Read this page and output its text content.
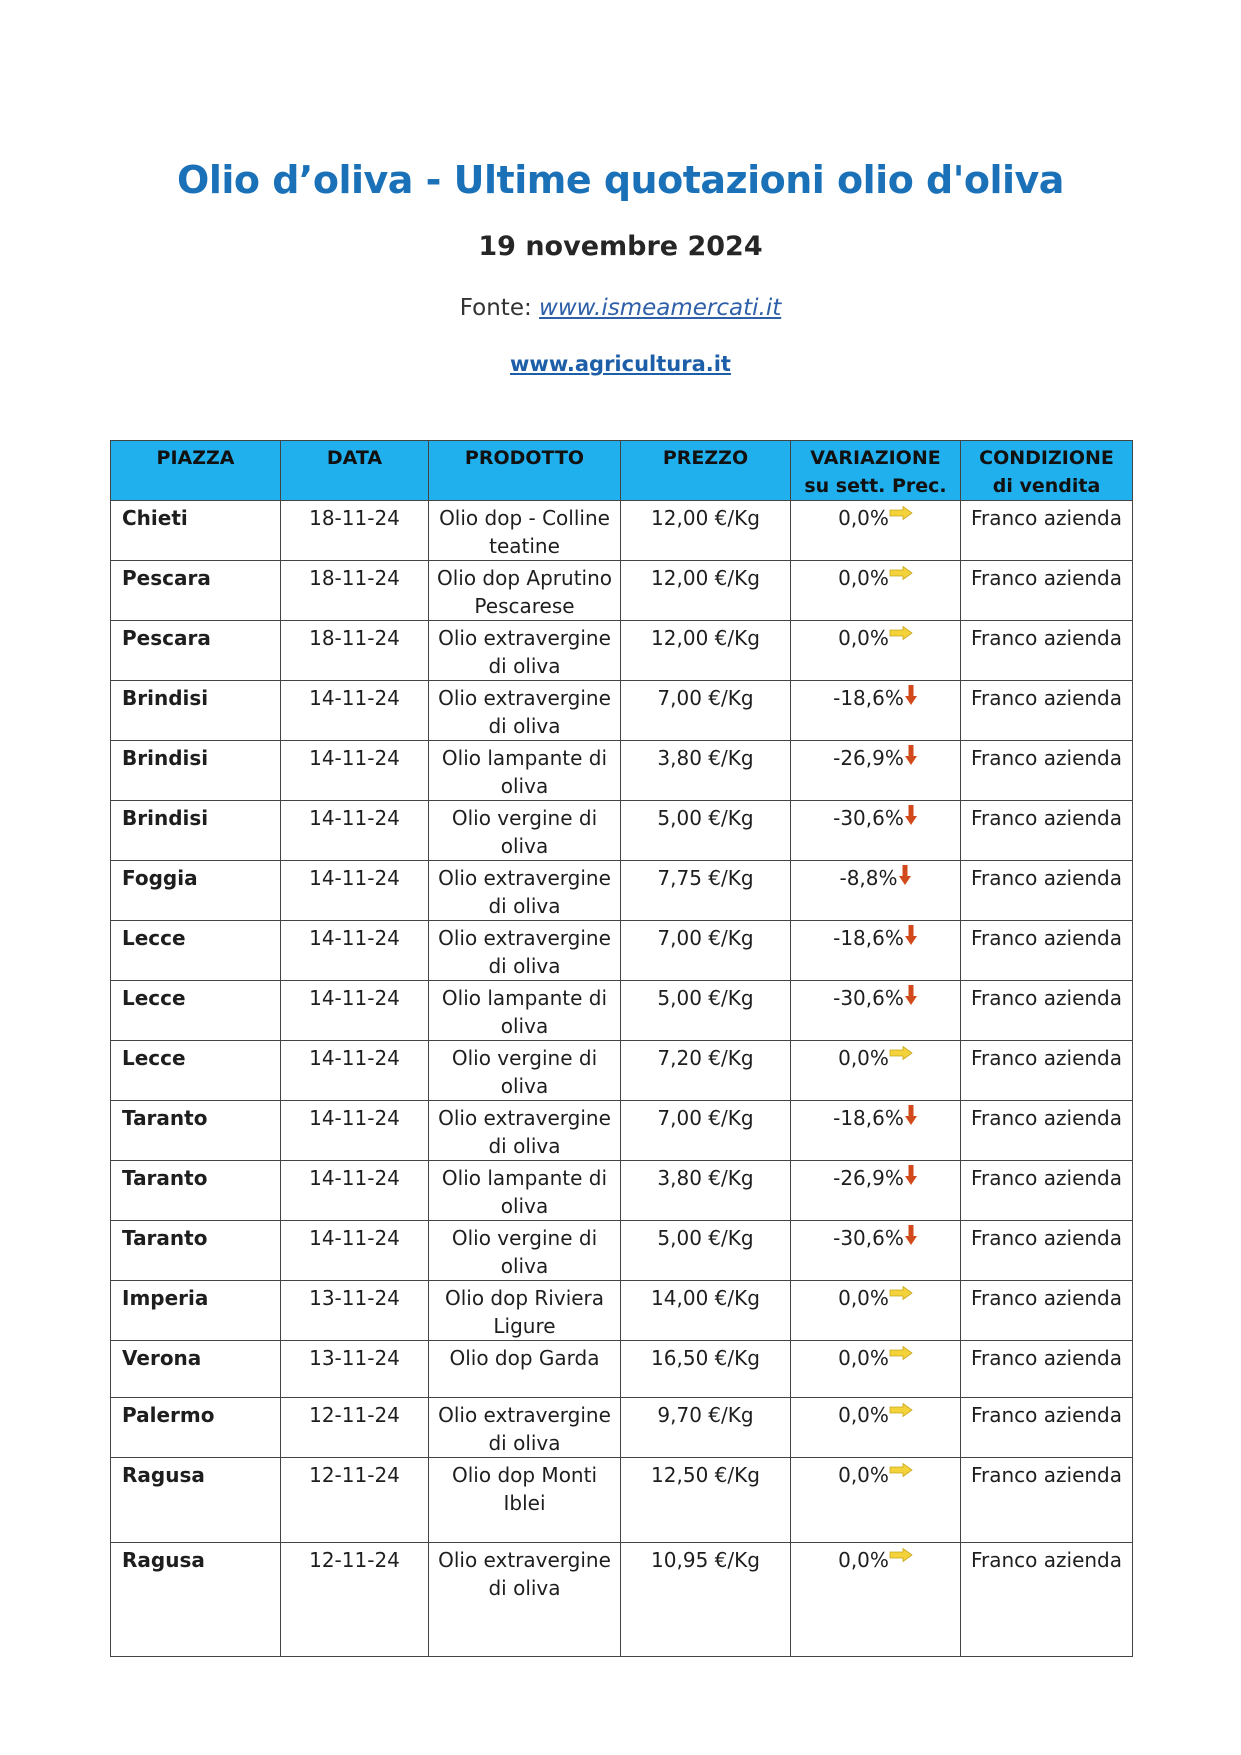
Olio d’oliva - Ultime quotazioni olio d'oliva
19 novembre 2024
Fonte: www.ismeamercati.it
www.agricultura.it
PIAZZA	DATA	PRODOTTO	PREZZO	VARIAZIONE su sett. Prec.	CONDIZIONE di vendita
Chieti	18-11-24	Olio dop - Colline teatine	12,00 €/Kg	0,0%	Franco azienda
Pescara	18-11-24	Olio dop Aprutino Pescarese	12,00 €/Kg	0,0%	Franco azienda
Pescara	18-11-24	Olio extravergine di oliva	12,00 €/Kg	0,0%	Franco azienda
Brindisi	14-11-24	Olio extravergine di oliva	7,00 €/Kg	-18,6%	Franco azienda
Brindisi	14-11-24	Olio lampante di oliva	3,80 €/Kg	-26,9%	Franco azienda
Brindisi	14-11-24	Olio vergine di oliva	5,00 €/Kg	-30,6%	Franco azienda
Foggia	14-11-24	Olio extravergine di oliva	7,75 €/Kg	-8,8%	Franco azienda
Lecce	14-11-24	Olio extravergine di oliva	7,00 €/Kg	-18,6%	Franco azienda
Lecce	14-11-24	Olio lampante di oliva	5,00 €/Kg	-30,6%	Franco azienda
Lecce	14-11-24	Olio vergine di oliva	7,20 €/Kg	0,0%	Franco azienda
Taranto	14-11-24	Olio extravergine di oliva	7,00 €/Kg	-18,6%	Franco azienda
Taranto	14-11-24	Olio lampante di oliva	3,80 €/Kg	-26,9%	Franco azienda
Taranto	14-11-24	Olio vergine di oliva	5,00 €/Kg	-30,6%	Franco azienda
Imperia	13-11-24	Olio dop Riviera Ligure	14,00 €/Kg	0,0%	Franco azienda
Verona	13-11-24	Olio dop Garda	16,50 €/Kg	0,0%	Franco azienda
Palermo	12-11-24	Olio extravergine di oliva	9,70 €/Kg	0,0%	Franco azienda
Ragusa	12-11-24	Olio dop Monti Iblei	12,50 €/Kg	0,0%	Franco azienda
Ragusa	12-11-24	Olio extravergine di oliva	10,95 €/Kg	0,0%	Franco azienda
